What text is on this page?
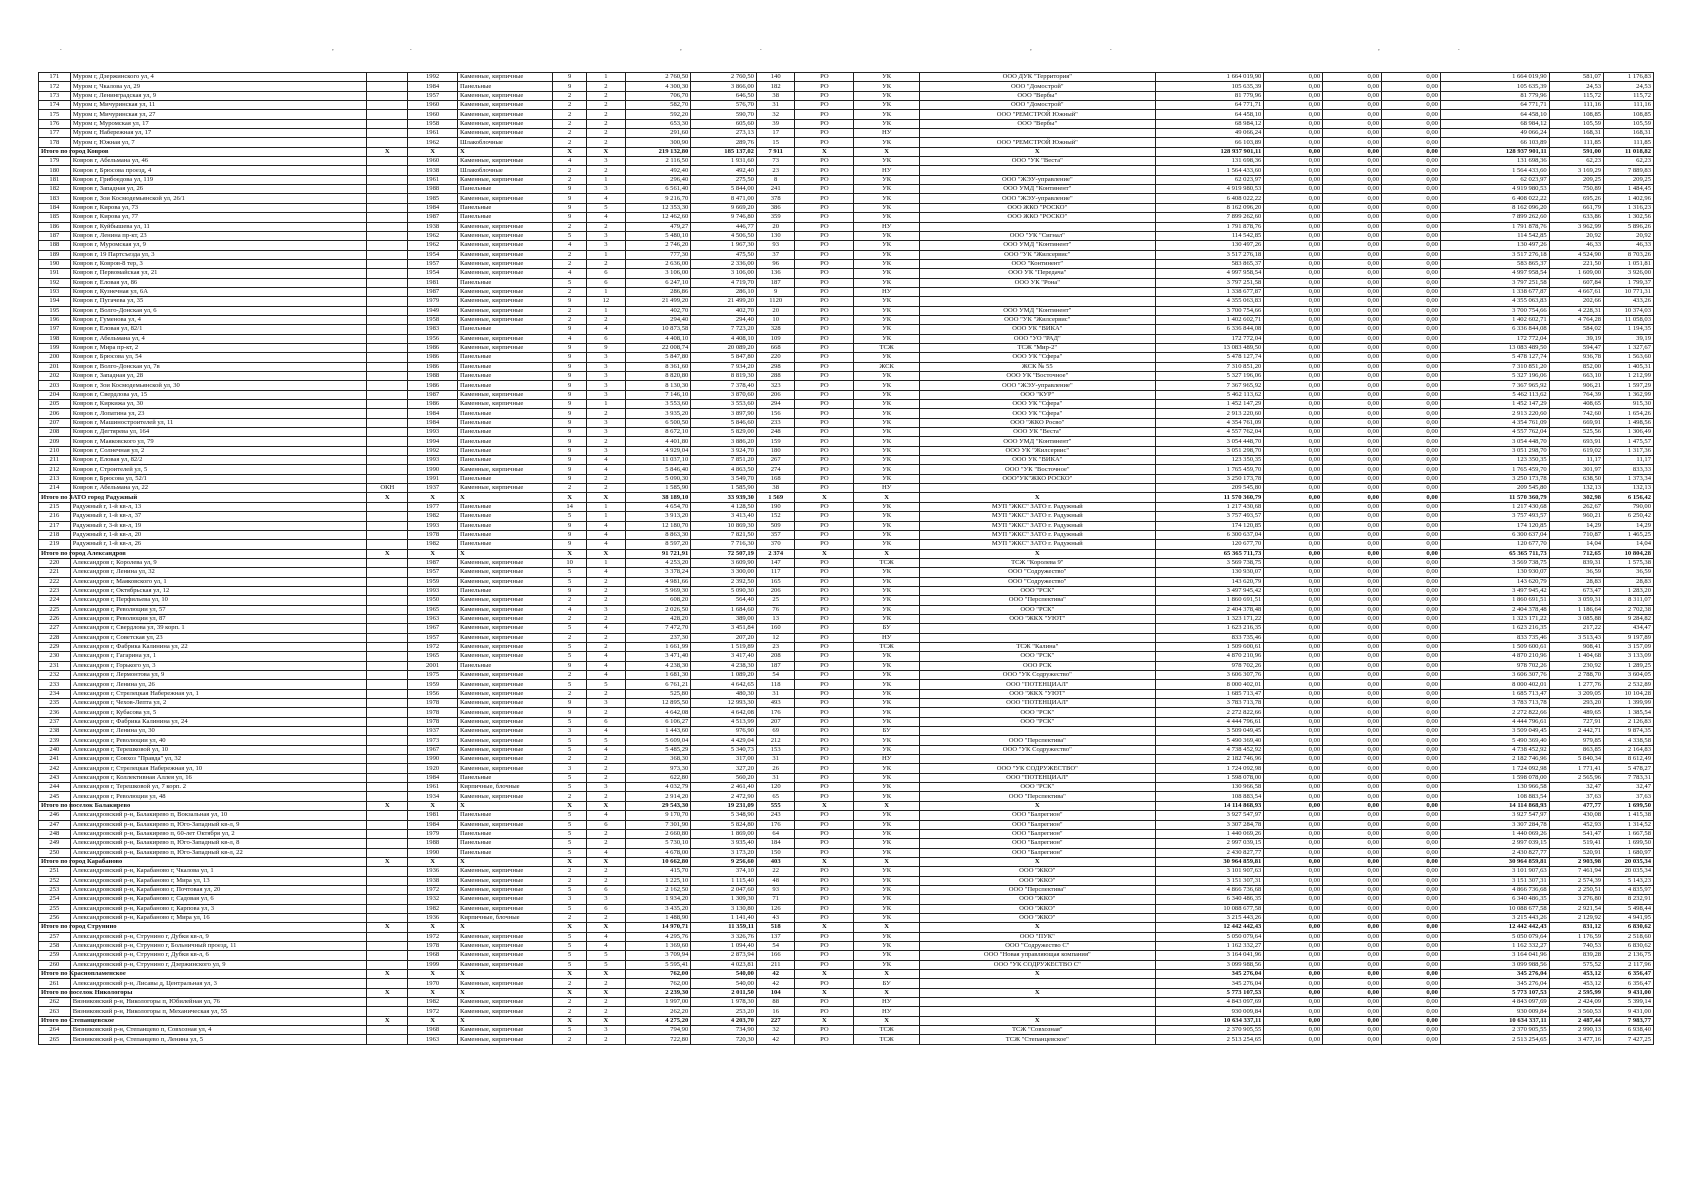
.	,	.	,	.	,	.	,	.
171	Муром г, Дзержинского ул, 4		1992	Каменные, кирпичные	9	1	2 760,50	2 760,50	140	РО	УК	ООО ДУК "Территория"	1 664 019,90	0,00	0,00	0,00	1 664 019,90	581,07	1 176,83
172	Муром г, Чкалова ул, 29		1984	Панельные	9	2	4 300,30	3 866,00	182	РО	УК	ООО "Домострой"	105 635,39	0,00	0,00	0,00	105 635,39	24,53	24,53
173	Муром г, Ленинградская ул, 9		1957	Каменные, кирпичные	2	2	706,70	646,50	38	РО	УК	ООО "Вербы"	81 779,96	0,00	0,00	0,00	81 779,96	115,72	115,72
174	Муром г, Мичуринская ул, 11		1960	Каменные, кирпичные	2	2	582,70	576,70	31	РО	УК	ООО "Домострой"	64 771,71	0,00	0,00	0,00	64 771,71	111,16	111,16
175	Муром г, Мичуринская ул, 27		1960	Каменные, кирпичные	2	2	592,20	590,70	32	РО	УК	ООО "РЕМСТРОЙ Южный"	64 458,10	0,00	0,00	0,00	64 458,10	108,85	108,85
176	Муром г, Муромская ул, 17		1958	Каменные, кирпичные	2	2	653,30	605,60	39	РО	УК	ООО "Вербы"	68 984,12	0,00	0,00	0,00	68 984,12	105,59	105,59
177	Муром г, Набережная ул, 17		1961	Каменные, кирпичные	2	2	291,60	273,13	17	РО	НУ		49 066,24	0,00	0,00	0,00	49 066,24	168,31	168,31
178	Муром г, Южная ул, 7		1962	Шлакоблочные	2	2	300,90	289,76	15	РО	УК	ООО "РЕМСТРОЙ Южный"	66 103,89	0,00	0,00	0,00	66 103,89	111,85	111,85
Итого по город Ковров		X	X	X	X	X	219 132,80	185 137,02	7 911	X	X	X	128 937 901,11	0,00	0,00	0,00	128 937 901,11	591,00	11 018,82
179	Ковров г, Абельмана ул, 46		1960	Каменные, кирпичные	4	3	2 116,50	1 931,60	73	РО	УК	ООО "УК "Веста"	131 698,36	0,00	0,00	0,00	131 698,36	62,23	62,23
180	Ковров г, Брюсова проезд, 4		1938	Шлакоблочные	2	2	492,40	492,40	23	РО	НУ		1 564 433,60	0,00	0,00	0,00	1 564 433,60	3 169,29	7 889,83
181	Ковров г, Грибоедова ул, 119		1961	Каменные, кирпичные	2	1	296,40	275,50	8	РО	УК	ООО "ЖЭУ-управление"	62 023,97	0,00	0,00	0,00	62 023,97	209,25	209,25
182	Ковров г, Западная ул, 26		1988	Панельные	9	3	6 561,40	5 844,00	241	РО	УК	ООО УМД "Континент"	4 919 980,53	0,00	0,00	0,00	4 919 980,53	750,89	1 484,45
183	Ковров г, Зои Космодемьянской ул, 26/1		1985	Каменные, кирпичные	9	4	9 216,70	8 471,00	378	РО	УК	ООО "ЖЭУ-управление"	6 408 022,22	0,00	0,00	0,00	6 408 022,22	695,26	1 402,96
184	Ковров г, Кирова ул, 73		1984	Панельные	9	5	12 353,30	9 669,20	386	РО	УК	ООО ЖКО "РОСКО"	8 162 096,20	0,00	0,00	0,00	8 162 096,20	661,79	1 316,23
185	Ковров г, Кирова ул, 77		1987	Панельные	9	4	12 462,60	9 746,80	359	РО	УК	ООО ЖКО "РОСКО"	7 899 262,60	0,00	0,00	0,00	7 899 262,60	633,86	1 302,56
186	Ковров г, Куйбышева ул, 11		1938	Каменные, кирпичные	2	2	479,27	446,77	20	РО	НУ		1 791 878,76	0,00	0,00	0,00	1 791 878,76	3 962,99	5 896,26
187	Ковров г, Ленина пр-кт, 23		1962	Каменные, кирпичные	5	3	5 480,10	4 506,50	130	РО	УК	ООО "УК "Сигнал"	114 542,85	0,00	0,00	0,00	114 542,85	20,92	20,92
188	Ковров г, Муромская ул, 9		1962	Каменные, кирпичные	4	3	2 746,20	1 967,30	93	РО	УК	ООО УМД "Континент"	130 497,26	0,00	0,00	0,00	130 497,26	46,33	46,33
189	Ковров г, 19 Партсъезда ул, 3		1954	Каменные, кирпичные	2	1	777,30	475,50	37	РО	УК	ООО "УК "Жилсервис"	3 517 276,18	0,00	0,00	0,00	3 517 276,18	4 524,90	8 703,26
190	Ковров г, Ковров-8 тер, 3		1957	Каменные, кирпичные	2	2	2 636,00	2 336,00	96	РО	УК	ООО "Континент"	583 865,37	0,00	0,00	0,00	583 865,37	221,50	1 051,81
191	Ковров г, Первомайская ул, 21		1954	Каменные, кирпичные	4	6	3 106,00	3 106,00	136	РО	УК	ООО УК "Передача"	4 997 958,54	0,00	0,00	0,00	4 997 958,54	1 609,00	3 926,00
192	Ковров г, Еловая ул, 86		1981	Панельные	5	6	6 247,10	4 719,70	187	РО	УК	ООО УК "Рона"	3 797 251,58	0,00	0,00	0,00	3 797 251,58	607,84	1 799,37
193	Ковров г, Кузнечная ул, 6А		1987	Каменные, кирпичные	2	1	286,86	286,10	9	РО	НУ		1 338 677,87	0,00	0,00	0,00	1 338 677,87	4 667,61	10 771,31
194	Ковров г, Пугачева ул, 35		1979	Каменные, кирпичные	9	12	21 499,20	21 499,20	1120	РО	УК		4 355 063,83	0,00	0,00	0,00	4 355 063,83	202,66	433,26
195	Ковров г, Волго-Донская ул, 6		1949	Каменные, кирпичные	2	1	402,70	402,70	20	РО	УК	ООО УМД "Континент"	3 700 754,66	0,00	0,00	0,00	3 700 754,66	4 228,31	10 374,03
196	Ковров г, Гуменова ул, 4		1958	Каменные, кирпичные	2	2	294,40	294,40	10	РО	УК	ООО "УК "Жилсервис"	1 402 602,71	0,00	0,00	0,00	1 402 602,71	4 764,28	11 058,03
197	Ковров г, Еловая ул, 82/1		1983	Панельные	9	4	10 873,58	7 723,20	328	РО	УК	ООО УК "ВИКА"	6 336 844,08	0,00	0,00	0,00	6 336 844,08	584,02	1 194,35
198	Ковров г, Абельмана ул, 4		1956	Каменные, кирпичные	4	6	4 408,10	4 408,10	109	РО	УК	ООО "УО "РАД"	172 772,04	0,00	0,00	0,00	172 772,04	39,19	39,19
199	Ковров г, Мира пр-кт, 2		1986	Каменные, кирпичные	9	9	22 008,74	20 089,20	668	РО	ТСЖ	ТСЖ "Мир-2"	13 083 489,50	0,00	0,00	0,00	13 083 489,50	594,47	1 327,67
200	Ковров г, Брюсова ул, 54		1986	Панельные	9	3	5 847,80	5 847,80	220	РО	УК	ООО УК "Сфера"	5 478 127,74	0,00	0,00	0,00	5 478 127,74	936,78	1 563,60
201	Ковров г, Волго-Донская ул, 7в		1986	Панельные	9	3	8 361,60	7 934,20	298	РО	ЖСК	ЖСК № 55	7 310 851,20	0,00	0,00	0,00	7 310 851,20	852,00	1 405,31
202	Ковров г, Западная ул, 28		1988	Панельные	9	3	8 820,80	8 819,30	288	РО	УК	ООО УК "Восточное"	5 327 196,06	0,00	0,00	0,00	5 327 196,06	663,10	1 212,99
203	Ковров г, Зои Космодемьянской ул, 30		1986	Панельные	9	3	8 130,30	7 378,40	323	РО	УК	ООО "ЖЭУ-управление"	7 367 965,92	0,00	0,00	0,00	7 367 965,92	906,21	1 597,29
204	Ковров г, Свердлова ул, 15		1987	Каменные, кирпичные	9	3	7 146,10	3 870,60	206	РО	УК	ООО "КУР"	5 462 113,62	0,00	0,00	0,00	5 462 113,62	764,39	1 362,99
205	Ковров г, Киркижа ул, 30		1986	Каменные, кирпичные	9	1	3 553,60	3 553,60	294	РО	УК	ООО УК "Сфера"	1 452 147,29	0,00	0,00	0,00	1 452 147,29	408,65	915,30
206	Ковров г, Лопатина ул, 23		1984	Панельные	9	2	3 935,20	3 897,90	156	РО	УК	ООО УК "Сфера"	2 913 220,60	0,00	0,00	0,00	2 913 220,60	742,60	1 654,26
207	Ковров г, Машиностроителей ул, 11		1984	Панельные	9	3	6 500,50	5 846,60	233	РО	УК	ООО "ЖКО Росво"	4 354 761,09	0,00	0,00	0,00	4 354 761,09	669,91	1 498,56
208	Ковров г, Дегтярева ул, 164		1993	Панельные	9	3	8 672,10	5 829,00	248	РО	УК	ООО УК "Веста"	4 557 762,04	0,00	0,00	0,00	4 557 762,04	525,56	1 306,49
209	Ковров г, Маяковского ул, 79		1994	Панельные	9	2	4 401,80	3 886,20	159	РО	УК	ООО УМД "Континент"	3 054 448,70	0,00	0,00	0,00	3 054 448,70	693,91	1 475,57
210	Ковров г, Солнечная ул, 2		1992	Панельные	9	3	4 929,04	3 924,70	180	РО	УК	ООО УК "Жилсервис"	3 051 298,70	0,00	0,00	0,00	3 051 298,70	619,02	1 317,36
211	Ковров г, Еловая ул, 82/2		1993	Панельные	9	4	11 037,10	7 851,20	267	РО	УК	ООО УК "ВИКА"	123 350,35	0,00	0,00	0,00	123 350,35	11,17	11,17
212	Ковров г, Строителей ул, 5		1990	Каменные, кирпичные	9	4	5 846,40	4 863,50	274	РО	УК	ООО "УК "Восточное"	1 765 459,70	0,00	0,00	0,00	1 765 459,70	301,97	833,33
213	Ковров г, Брюсова ул, 52/1		1991	Панельные	9	2	5 090,30	3 549,70	168	РО	УК	ООО"УК"ЖКО РОСКО"	3 250 173,78	0,00	0,00	0,00	3 250 173,78	638,50	1 373,34
214	Ковров г, Абельмана ул, 22	ОКН	1937	Каменные, кирпичные	2	2	1 585,90	1 585,90	38	РО	НУ		209 545,80	0,00	0,00	0,00	209 545,80	132,13	132,13
Итого по ЗАТО город Радужный		X	X	X	X	X	38 189,10	33 939,30	1 569	X	X	X	11 570 360,79	0,00	0,00	0,00	11 570 360,79	302,98	6 156,42
215	Радужный г, 1-й кв-л, 13		1977	Панельные	14	1	4 654,70	4 128,50	190	РО	УК	МУП "ЖКС" ЗАТО г. Радужный	1 217 430,68	0,00	0,00	0,00	1 217 430,68	262,67	790,00
216	Радужный г, 1-й кв-л, 37		1982	Панельные	5	1	3 913,20	3 413,40	152	РО	УК	МУП "ЖКС" ЗАТО г. Радужный	3 757 493,57	0,00	0,00	0,00	3 757 493,57	960,21	6 250,42
217	Радужный г, 3-й кв-л, 19		1993	Панельные	9	4	12 180,70	10 869,30	509	РО	УК	МУП "ЖКС" ЗАТО г. Радужный	174 120,85	0,00	0,00	0,00	174 120,85	14,29	14,29
218	Радужный г, 1-й кв-л, 20		1978	Панельные	9	4	8 863,30	7 821,50	357	РО	УК	МУП "ЖКС" ЗАТО г. Радужный	6 300 637,04	0,00	0,00	0,00	6 300 637,04	710,87	1 465,25
219	Радужный г, 1-й кв-л, 26		1982	Панельные	9	4	8 597,20	7 716,30	370	РО	УК	МУП "ЖКС" ЗАТО г. Радужный	120 677,70	0,00	0,00	0,00	120 677,70	14,04	14,04
Итого по город Александров		X	X	X	X	X	91 721,91	72 507,19	2 374	X	X	X	65 365 711,73	0,00	0,00	0,00	65 365 711,73	712,65	10 804,28
220	Александров г, Королева ул, 9		1987	Каменные, кирпичные	10	1	4 253,20	3 609,90	147	РО	ТСЖ	ТСЖ "Королева 9"	3 569 738,75	0,00	0,00	0,00	3 569 738,75	839,31	1 575,38
221	Александров г, Ленина ул, 32		1957	Каменные, кирпичные	5	4	3 378,24	3 300,00	117	РО	УК	ООО "Содружество"	130 930,07	0,00	0,00	0,00	130 930,07	36,59	36,59
222	Александров г, Маяковского ул, 1		1959	Каменные, кирпичные	5	2	4 981,66	2 392,50	165	РО	УК	ООО "Содружество"	143 620,79	0,00	0,00	0,00	143 620,79	28,83	28,83
223	Александров г, Октябрьская ул, 12		1993	Панельные	9	2	5 969,30	5 090,30	206	РО	УК	ООО "РСК"	3 497 945,42	0,00	0,00	0,00	3 497 945,42	673,47	1 283,20
224	Александров г, Перфильева ул, 10		1950	Каменные, кирпичные	2	2	608,20	564,40	25	РО	УК	ООО "Перспектива"	1 860 691,51	0,00	0,00	0,00	1 860 691,51	3 059,31	8 311,07
225	Александров г, Революции ул, 57		1965	Каменные, кирпичные	4	3	2 026,50	1 684,60	76	РО	УК	ООО "РСК"	2 404 378,48	0,00	0,00	0,00	2 404 378,48	1 186,64	2 702,38
226	Александров г, Революции ул, 87		1963	Каменные, кирпичные	2	2	428,20	389,00	13	РО	УК	ООО "ЖКХ "УЮТ"	1 323 171,22	0,00	0,00	0,00	1 323 171,22	3 085,88	9 284,82
227	Александров г, Свердлова ул, 39 корп. 1		1967	Каменные, кирпичные	5	4	7 472,70	3 451,84	160	РО	БУ		1 623 216,35	0,00	0,00	0,00	1 623 216,35	217,22	434,47
228	Александров г, Советская ул, 23		1957	Каменные, кирпичные	2	2	237,30	207,20	12	РО	НУ		833 735,46	0,00	0,00	0,00	833 735,46	3 513,43	9 197,89
229	Александров г, Фабрика Калинина ул, 22		1972	Каменные, кирпичные	5	2	1 661,99	1 519,89	23	РО	ТСЖ	ТСЖ "Калина"	1 509 600,61	0,00	0,00	0,00	1 509 600,61	908,41	3 157,09
230	Александров г, Гагарина ул, 1		1965	Каменные, кирпичные	5	4	3 471,40	3 417,40	208	РО	УК	ООО "РСК"	4 870 210,96	0,00	0,00	0,00	4 870 210,96	1 404,68	3 133,09
231	Александров г, Горького ул, 3		2001	Панельные	9	4	4 238,30	4 238,30	187	РО	УК	ООО РСК	978 702,26	0,00	0,00	0,00	978 702,26	230,92	1 289,25
232	Александров г, Лермонтова ул, 9		1975	Каменные, кирпичные	2	4	1 681,30	1 089,20	54	РО	УК	ООО "УК Содружество"	3 606 307,76	0,00	0,00	0,00	3 606 307,76	2 788,70	3 604,05
233	Александров г, Ленина ул, 26		1959	Каменные, кирпичные	5	5	6 761,21	4 642,65	118	РО	УК	ООО "ПОТЕНЦИАЛ"	8 000 402,01	0,00	0,00	0,00	8 000 402,01	1 277,76	2 532,89
234	Александров г, Стрелецкая Набережная ул, 1		1956	Каменные, кирпичные	2	2	525,80	480,30	31	РО	УК	ООО "ЖКХ "УЮТ"	1 685 713,47	0,00	0,00	0,00	1 685 713,47	3 209,05	10 104,28
235	Александров г, Чехов-Лепта ул, 2		1978	Каменные, кирпичные	9	3	12 895,50	12 993,30	493	РО	УК	ООО "ПОТЕНЦИАЛ"	3 783 713,78	0,00	0,00	0,00	3 783 713,78	293,20	1 399,99
236	Александров г, Кубасова ул, 5		1978	Каменные, кирпичные	9	2	4 642,08	4 642,08	176	РО	УК	ООО "РСК"	2 272 822,66	0,00	0,00	0,00	2 272 822,66	489,65	1 385,54
237	Александров г, Фабрика Калинина ул, 24		1978	Каменные, кирпичные	5	6	6 106,27	4 513,99	207	РО	УК	ООО "РСК"	4 444 796,61	0,00	0,00	0,00	4 444 796,61	727,91	2 126,83
238	Александров г, Ленина ул, 30		1937	Каменные, кирпичные	3	4	1 443,60	976,90	69	РО	БУ		3 509 049,45	0,00	0,00	0,00	3 509 049,45	2 442,71	9 874,35
239	Александров г, Революции ул, 40		1973	Каменные, кирпичные	5	5	5 609,04	4 429,04	212	РО	УК	ООО "Перспектива"	5 490 369,40	0,00	0,00	0,00	5 490 369,40	979,85	4 338,58
240	Александров г, Терешковой ул, 10		1967	Каменные, кирпичные	5	4	5 485,29	5 340,73	153	РО	УК	ООО "УК Содружество"	4 738 452,92	0,00	0,00	0,00	4 738 452,92	863,85	2 164,83
241	Александров г, Совхоз "Правда" ул, 32		1990	Каменные, кирпичные	2	2	368,30	317,00	31	РО	НУ		2 182 746,96	0,00	0,00	0,00	2 182 746,96	5 840,34	8 612,49
242	Александров г, Стрелецкая Набережная ул, 10		1920	Каменные, кирпичные	3	2	973,30	327,20	26	РО	УК	ООО "УК СОДРУЖЕСТВО"	1 724 092,98	0,00	0,00	0,00	1 724 092,98	1 771,41	5 478,27
243	Александров г, Коллективная Аллея ул, 16		1984	Панельные	5	2	622,80	560,20	31	РО	УК	ООО "ПОТЕНЦИАЛ"	1 598 078,00	0,00	0,00	0,00	1 598 078,00	2 565,96	7 783,31
244	Александров г, Терешковой ул, 7 корп. 2		1961	Кирпичные, блочные	5	3	4 032,79	2 461,40	120	РО	УК	ООО "РСК"	130 966,58	0,00	0,00	0,00	130 966,58	32,47	32,47
245	Александров г, Революции ул, 48		1934	Каменные, кирпичные	2	2	2 914,20	2 472,90	65	РО	УК	ООО "Перспектива"	108 883,54	0,00	0,00	0,00	108 883,54	37,63	37,63
Итого по поселок Балакирево		X	X	X	X	X	29 543,30	19 231,09	555	X	X	X	14 114 868,93	0,00	0,00	0,00	14 114 868,93	477,77	1 699,50
246	Александровский р-н, Балакирево п, Вокзальная ул, 10		1981	Панельные	5	4	9 170,70	5 348,90	243	РО	УК	ООО "Балрегион"	3 927 547,97	0,00	0,00	0,00	3 927 547,97	430,08	1 415,38
247	Александровский р-н, Балакирево п, Юго-Западный кв-л, 9		1984	Каменные, кирпичные	5	6	7 301,90	5 824,80	176	РО	УК	ООО "Балрегион"	3 307 284,78	0,00	0,00	0,00	3 307 284,78	452,93	1 314,52
248	Александровский р-н, Балакирево п, 60-лет Октября ул, 2		1979	Панельные	5	2	2 660,80	1 869,00	64	РО	УК	ООО "Балрегион"	1 440 069,26	0,00	0,00	0,00	1 440 069,26	541,47	1 667,58
249	Александровский р-н, Балакирево п, Юго-Западный кв-л, 8		1988	Панельные	5	2	5 730,10	3 935,40	184	РО	УК	ООО "Балрегион"	2 997 039,15	0,00	0,00	0,00	2 997 039,15	519,41	1 699,50
250	Александровский р-н, Балакирево п, Юго-Западный кв-л, 22		1990	Панельные	5	4	4 678,00	3 173,20	150	РО	УК	ООО "Балрегион"	2 430 827,77	0,00	0,00	0,00	2 430 827,77	520,91	1 680,97
Итого по город Карабаново		X	X	X	X	X	10 662,80	9 256,60	403	X	X	X	30 964 859,81	0,00	0,00	0,00	30 964 859,81	2 903,98	20 035,34
251	Александровский р-н, Карабаново г, Чкалова ул, 1		1936	Каменные, кирпичные	2	2	415,70	374,10	22	РО	УК	ООО "ЖКО"	3 101 907,63	0,00	0,00	0,00	3 101 907,63	7 461,94	20 035,34
252	Александровский р-н, Карабаново г, Мира ул, 13		1938	Каменные, кирпичные	2	2	1 225,10	1 115,40	48	РО	УК	ООО "ЖКО"	3 151 307,31	0,00	0,00	0,00	3 151 307,31	2 574,39	5 143,23
253	Александровский р-н, Карабаново г, Почтовая ул, 20		1972	Каменные, кирпичные	5	6	2 162,50	2 047,60	93	РО	УК	ООО "Перспектива"	4 866 736,68	0,00	0,00	0,00	4 866 736,68	2 250,51	4 835,97
254	Александровский р-н, Карабаново г, Садовая ул, 6		1932	Каменные, кирпичные	3	3	1 934,20	1 309,30	71	РО	УК	ООО "ЖКО"	6 340 486,35	0,00	0,00	0,00	6 340 486,35	3 276,80	8 232,91
255	Александровский р-н, Карабаново г, Карпова ул, 3		1982	Каменные, кирпичные	5	6	3 435,20	3 130,80	126	РО	УК	ООО "ЖКО"	10 088 677,58	0,00	0,00	0,00	10 088 677,58	2 921,54	5 498,44
256	Александровский р-н, Карабаново г, Мира ул, 16		1936	Кирпичные, блочные	2	2	1 488,90	1 141,40	43	РО	УК	ООО "ЖКО"	3 215 443,26	0,00	0,00	0,00	3 215 443,26	2 129,92	4 941,95
Итого по город Струнино		X	X	X	X	X	14 970,71	11 359,11	518	X	X	X	12 442 442,43	0,00	0,00	0,00	12 442 442,43	831,12	6 830,62
257	Александровский р-н, Струнино г, Дубки кв-л, 9		1972	Каменные, кирпичные	5	4	4 295,76	3 326,76	137	РО	УК	ООО "ПУК"	5 050 079,64	0,00	0,00	0,00	5 050 079,64	1 176,59	2 518,60
258	Александровский р-н, Струнино г, Больничный проезд, 11		1978	Каменные, кирпичные	5	4	1 369,60	1 094,40	54	РО	УК	ООО "Содружество С"	1 162 332,27	0,00	0,00	0,00	1 162 332,27	740,53	6 830,62
259	Александровский р-н, Струнино г, Дубки кв-л, 6		1968	Каменные, кирпичные	5	5	3 709,94	2 873,94	166	РО	УК	ООО "Новая управляющая компания"	3 164 041,96	0,00	0,00	0,00	3 164 041,96	839,28	2 136,75
260	Александровский р-н, Струнино г, Дзержинского ул, 9		1999	Каменные, кирпичные	5	5	5 595,41	4 023,81	211	РО	УК	ООО "УК СОДРУЖЕСТВО С"	3 099 988,56	0,00	0,00	0,00	3 099 988,56	575,52	2 117,96
Итого по Краснопламенское		X	X	X	X	X	762,00	540,00	42	X	X	X	345 276,04	0,00	0,00	0,00	345 276,04	453,12	6 356,47
261	Александровский р-н, Лисавы д, Центральная ул, 3		1970	Каменные, кирпичные	2	2	762,00	540,00	42	РО	БУ		345 276,04	0,00	0,00	0,00	345 276,04	453,12	6 356,47
Итого по поселок Никологоры		X	X	X	X	X	2 239,30	2 011,50	104	X	X	X	5 773 107,53	0,00	0,00	0,00	5 773 107,53	2 595,99	9 431,00
262	Вязниковский р-н, Никологоры п, Юбилейная ул, 76		1982	Каменные, кирпичные	2	2	1 997,00	1 978,30	88	РО	НУ		4 843 097,69	0,00	0,00	0,00	4 843 097,69	2 424,09	5 399,14
263	Вязниковский р-н, Никологоры п, Механическая ул, 55		1972	Каменные, кирпичные	2	2	262,20	253,20	16	РО	НУ		930 009,84	0,00	0,00	0,00	930 009,84	3 560,53	9 431,00
Итого по Степанцевское		X	X	X	X	X	4 275,20	4 203,70	227	X	X	X	10 634 337,11	0,00	0,00	0,00	10 634 337,11	2 487,44	7 983,77
264	Вязниковский р-н, Степанцево п, Совхозная ул, 4		1968	Каменные, кирпичные	5	3	794,90	734,90	32	РО	ТСЖ	ТСЖ "Совхозная"	2 370 905,55	0,00	0,00	0,00	2 370 905,55	2 990,13	6 938,40
265	Вязниковский р-н, Степанцево п, Ленина ул, 5		1963	Каменные, кирпичные	2	2	722,80	720,30	42	РО	ТСЖ	ТСЖ "Степанцевское"	2 513 254,65	0,00	0,00	0,00	2 513 254,65	3 477,16	7 427,25
